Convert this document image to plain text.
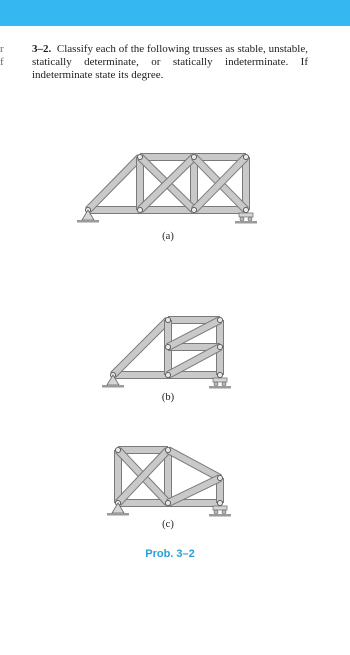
r
f

3–2. Classify each of the following trusses as stable, unstable, statically determinate, or statically indeterminate. If indeterminate state its degree.

(a)
(b)
(c)
Prob. 3–2
